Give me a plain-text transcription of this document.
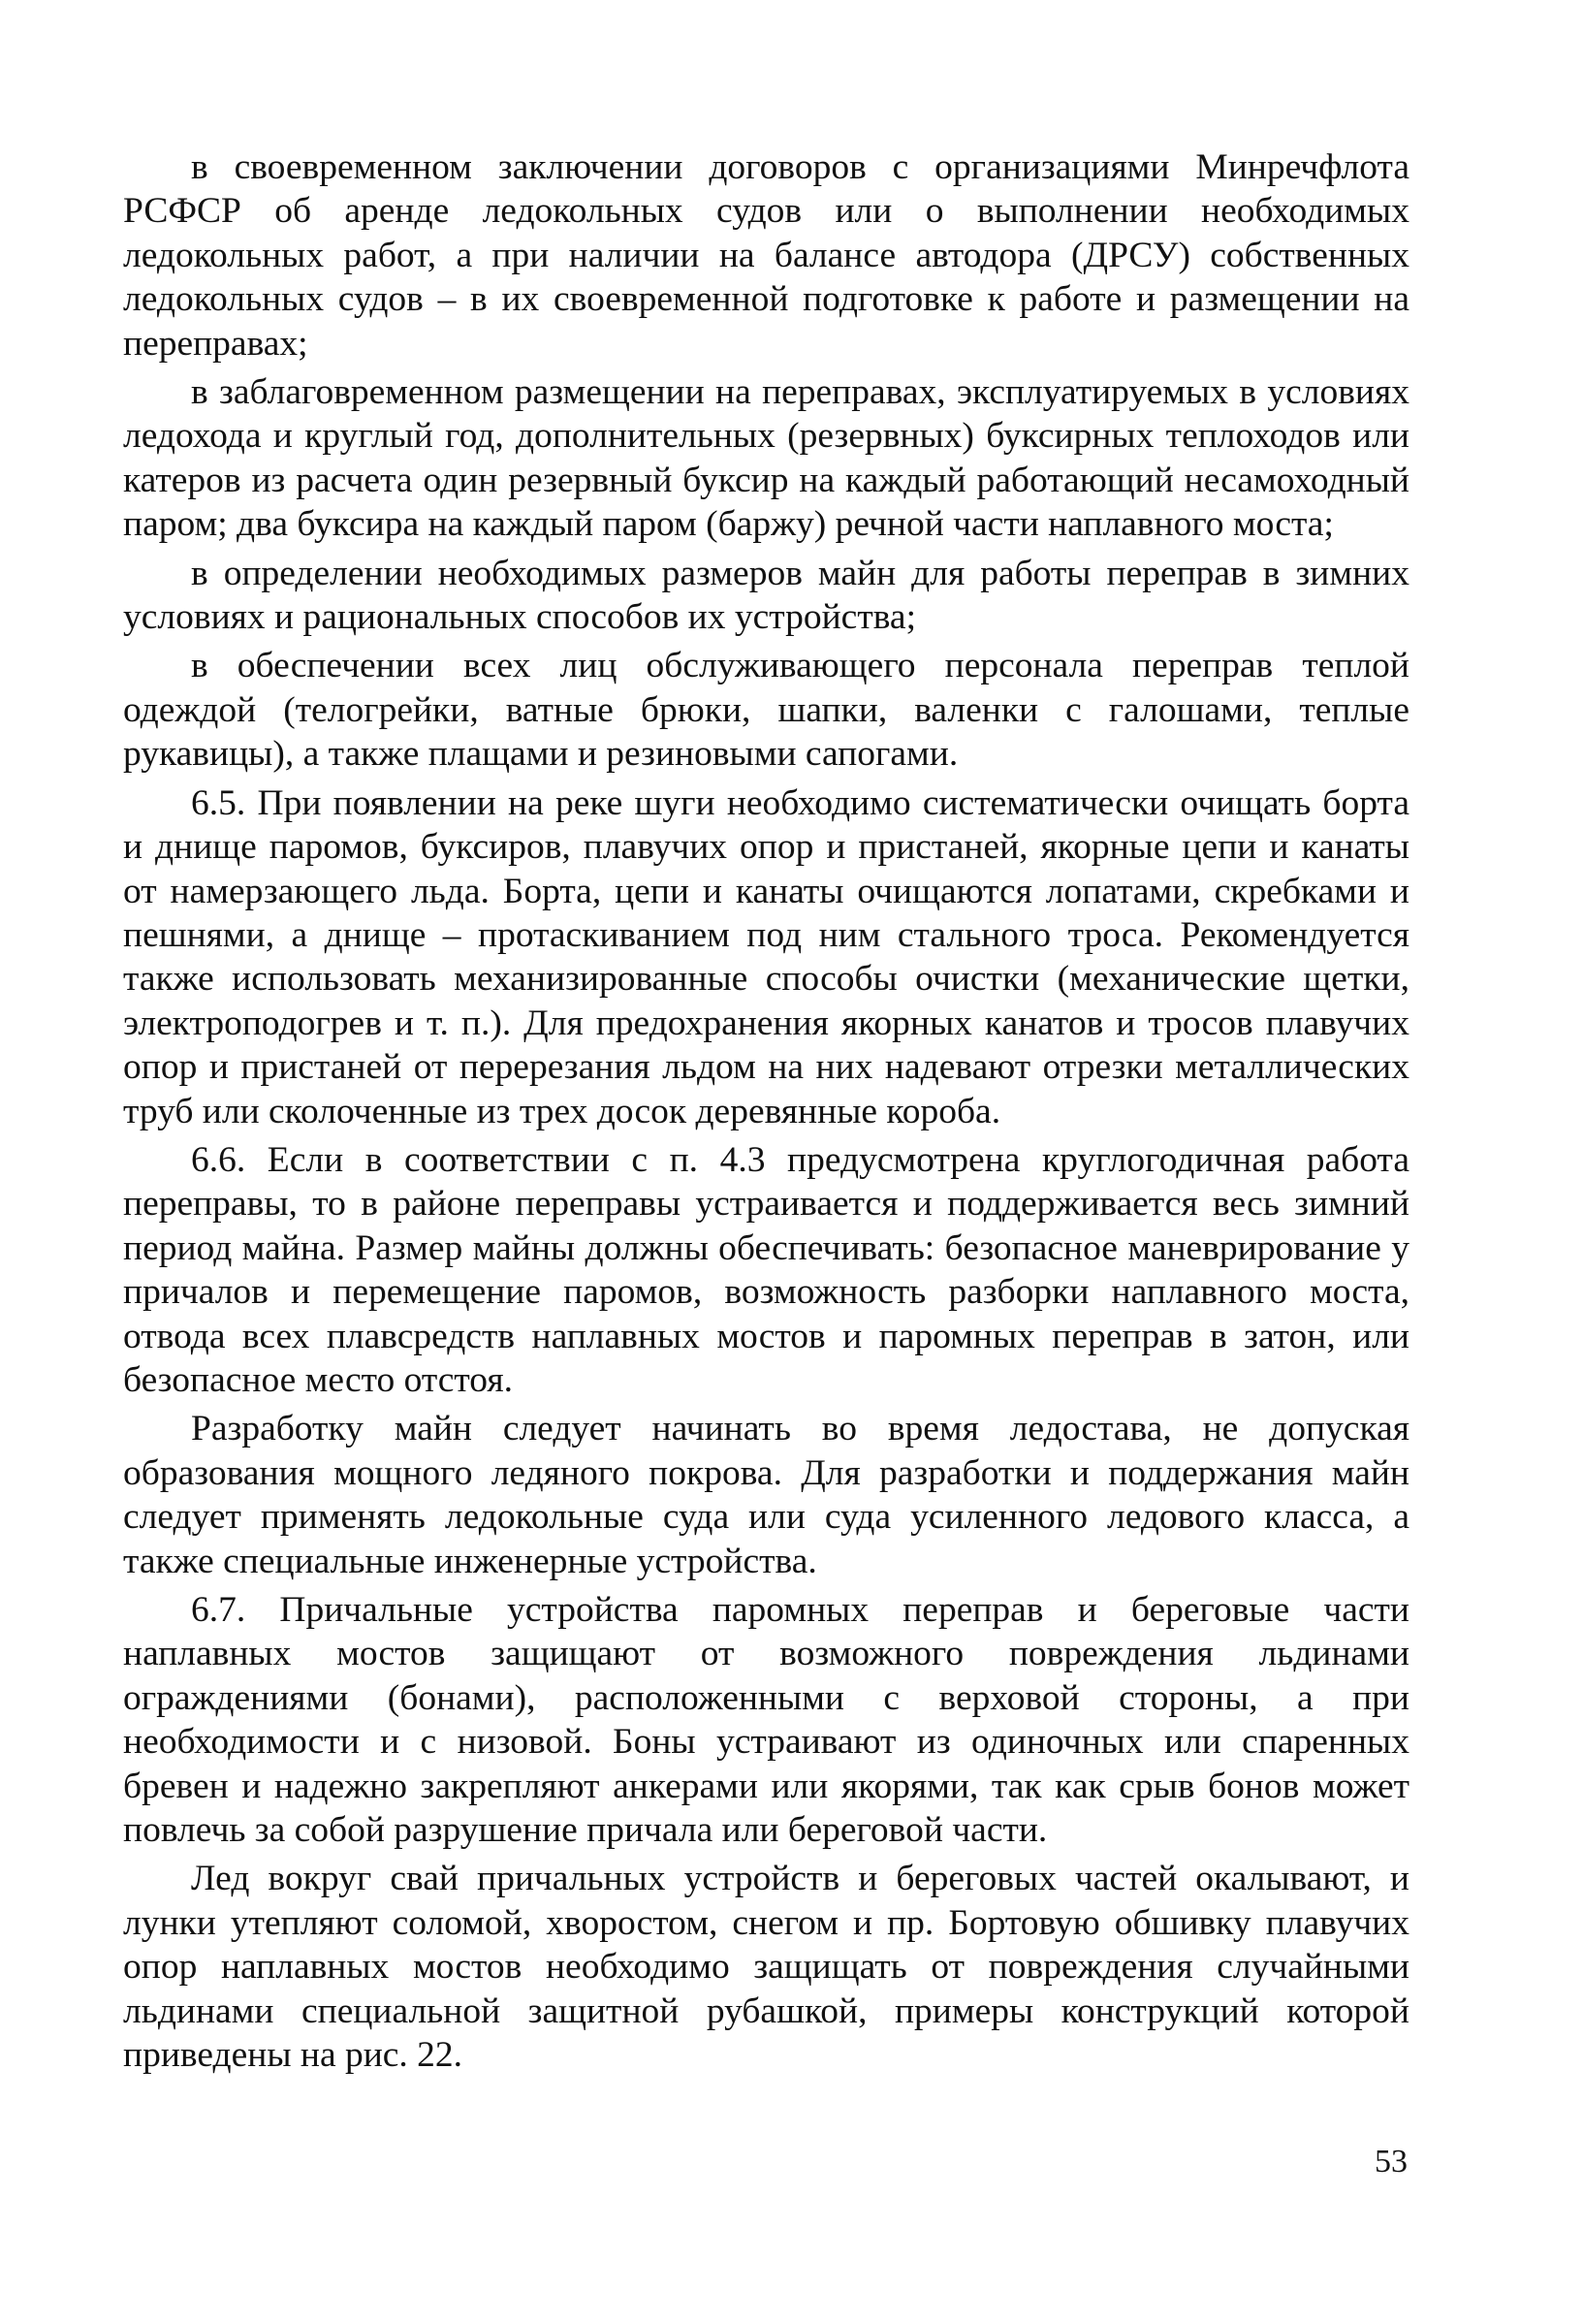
в своевременном заключении договоров с организациями Минречфлота РСФСР об аренде ледокольных судов или о выполнении необходимых ледокольных работ, а при наличии на балансе автодора (ДРСУ) собственных ледокольных судов – в их своевременной подготовке к работе и размещении на переправах;

в заблаговременном размещении на переправах, эксплуатируемых в условиях ледохода и круглый год, дополнительных (резервных) буксирных теплоходов или катеров из расчета один резервный буксир на каждый работающий несамоходный паром; два буксира на каждый паром (баржу) речной части наплавного моста;

в определении необходимых размеров майн для работы переправ в зимних условиях и рациональных способов их устройства;

в обеспечении всех лиц обслуживающего персонала переправ теплой одеждой (телогрейки, ватные брюки, шапки, валенки с галошами, теплые рукавицы), а также плащами и резиновыми сапогами.

6.5. При появлении на реке шуги необходимо систематически очищать борта и днище паромов, буксиров, плавучих опор и пристаней, якорные цепи и канаты от намерзающего льда. Борта, цепи и канаты очищаются лопатами, скребками и пешнями, а днище – протаскиванием под ним стального троса. Рекомендуется также использовать механизированные способы очистки (механические щетки, электроподогрев и т. п.). Для предохранения якорных канатов и тросов плавучих опор и пристаней от перерезания льдом на них надевают отрезки металлических труб или сколоченные из трех досок деревянные короба.

6.6. Если в соответствии с п. 4.3 предусмотрена круглогодичная работа переправы, то в районе переправы устраивается и поддерживается весь зимний период майна. Размер майны должны обеспечивать: безопасное маневрирование у причалов и перемещение паромов, возможность разборки наплавного моста, отвода всех плавсредств наплавных мостов и паромных переправ в затон, или безопасное место отстоя.

Разработку майн следует начинать во время ледостава, не допуская образования мощного ледяного покрова. Для разработки и поддержания майн следует применять ледокольные суда или суда усиленного ледового класса, а также специальные инженерные устройства.

6.7. Причальные устройства паромных переправ и береговые части наплавных мостов защищают от возможного повреждения льдинами ограждениями (бонами), расположенными с верховой стороны, а при необходимости и с низовой. Боны устраивают из одиночных или спаренных бревен и надежно закрепляют анкерами или якорями, так как срыв бонов может повлечь за собой разрушение причала или береговой части.

Лед вокруг свай причальных устройств и береговых частей окалывают, и лунки утепляют соломой, хворостом, снегом и пр. Бортовую обшивку плавучих опор наплавных мостов необходимо защищать от повреждения случайными льдинами специальной защитной рубашкой, примеры конструкций которой приведены на рис. 22.

53
